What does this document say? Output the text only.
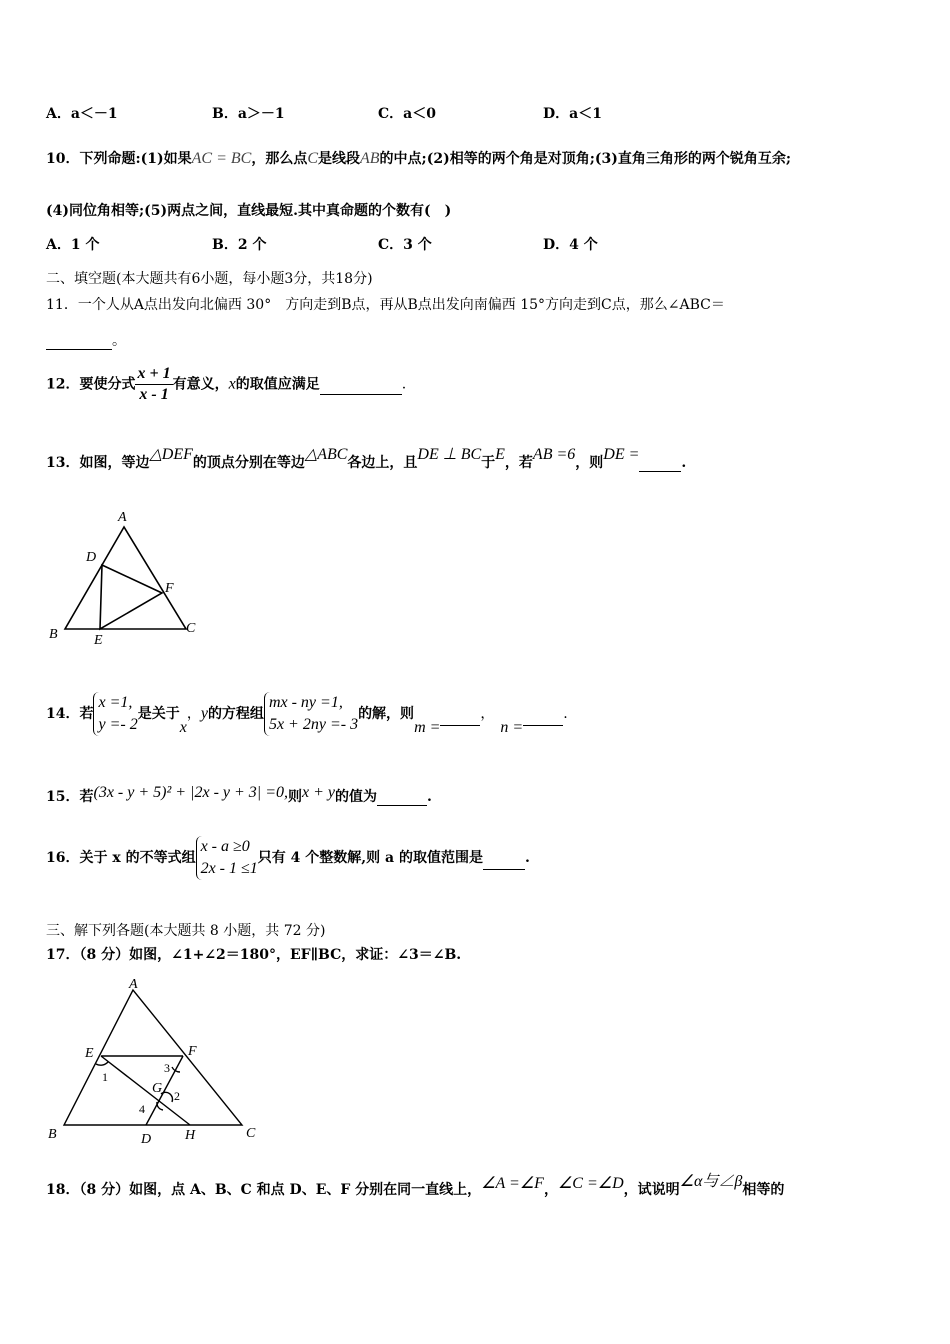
A．a＜－1	B．a＞－1	C．a＜0	D．a＜1
10．下列命题:(1)如果AC = BC，那么点C是线段AB的中点;(2)相等的两个角是对顶角;(3)直角三角形的两个锐角互余;
(4)同位角相等;(5)两点之间，直线最短.其中真命题的个数有(　)
A．1 个	B．2 个	C．3 个	D．4 个
二、填空题(本大题共有6小题，每小题3分，共18分)
11．一个人从A点出发向北偏西 30°　方向走到B点，再从B点出发向南偏西 15°方向走到C点，那么∠ABC＝
。
12．要使分式 $\frac{x + 1}{x - 1}$ 有意义，x的取值应满足	.
13．如图，等边△DEF的顶点分别在等边△ABC各边上，且DE ⊥ BC于E，若AB =6，则DE =	.
A
B	C
D
E
F
14．若
x =1,
y =- 2
是关于x，y的方程组
mx - ny =1,
5x + 2ny =- 3
的解，则m = ，n = .
15．若(3x - y + 5)² + |2x - y + 3| =0,则x + y的值为	.
16．关于 x 的不等式组
x - a ≥0
2x - 1 ≤1
只有 4 个整数解,则 a 的取值范围是	.
三、解下列各题(本大题共 8 小题，共 72 分)
17．（8 分）如图，∠1+∠2＝180°，EF∥BC，求证：∠3＝∠B.
A
B	C
D
E	F
G
H
1
2
3
4
18．（8 分）如图，点 A、B、C 和点 D、E、F 分别在同一直线上，∠A =∠F，∠C =∠D，试说明∠α与∠β相等的
